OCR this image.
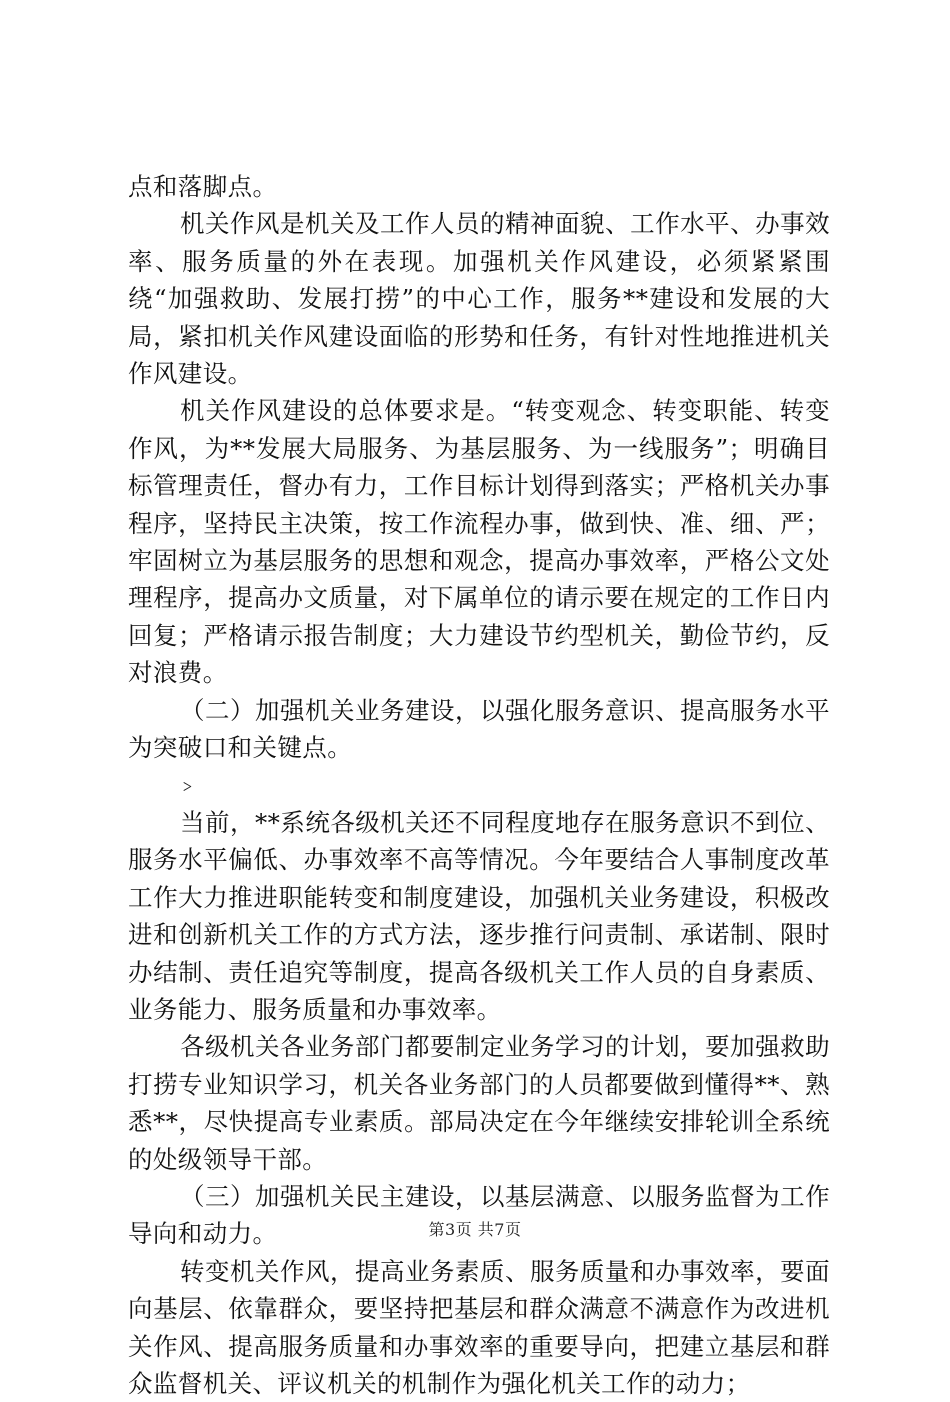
点和落脚点。

机关作风是机关及工作人员的精神面貌、工作水平、办事效率、服务质量的外在表现。加强机关作风建设，必须紧紧围绕“加强救助、发展打捞”的中心工作，服务**建设和发展的大局，紧扣机关作风建设面临的形势和任务，有针对性地推进机关作风建设。

机关作风建设的总体要求是。“转变观念、转变职能、转变作风，为**发展大局服务、为基层服务、为一线服务”；明确目标管理责任，督办有力，工作目标计划得到落实；严格机关办事程序，坚持民主决策，按工作流程办事，做到快、准、细、严；牢固树立为基层服务的思想和观念，提高办事效率，严格公文处理程序，提高办文质量，对下属单位的请示要在规定的工作日内回复；严格请示报告制度；大力建设节约型机关，勤俭节约，反对浪费。

（二）加强机关业务建设，以强化服务意识、提高服务水平为突破口和关键点。

﹥

当前，**系统各级机关还不同程度地存在服务意识不到位、服务水平偏低、办事效率不高等情况。今年要结合人事制度改革工作大力推进职能转变和制度建设，加强机关业务建设，积极改进和创新机关工作的方式方法，逐步推行问责制、承诺制、限时办结制、责任追究等制度，提高各级机关工作人员的自身素质、业务能力、服务质量和办事效率。

各级机关各业务部门都要制定业务学习的计划，要加强救助打捞专业知识学习，机关各业务部门的人员都要做到懂得**、熟悉**，尽快提高专业素质。部局决定在今年继续安排轮训全系统的处级领导干部。

（三）加强机关民主建设，以基层满意、以服务监督为工作导向和动力。

转变机关作风，提高业务素质、服务质量和办事效率，要面向基层、依靠群众，要坚持把基层和群众满意不满意作为改进机关作风、提高服务质量和办事效率的重要导向，把建立基层和群众监督机关、评议机关的机制作为强化机关工作的动力；

第3页 共7页
